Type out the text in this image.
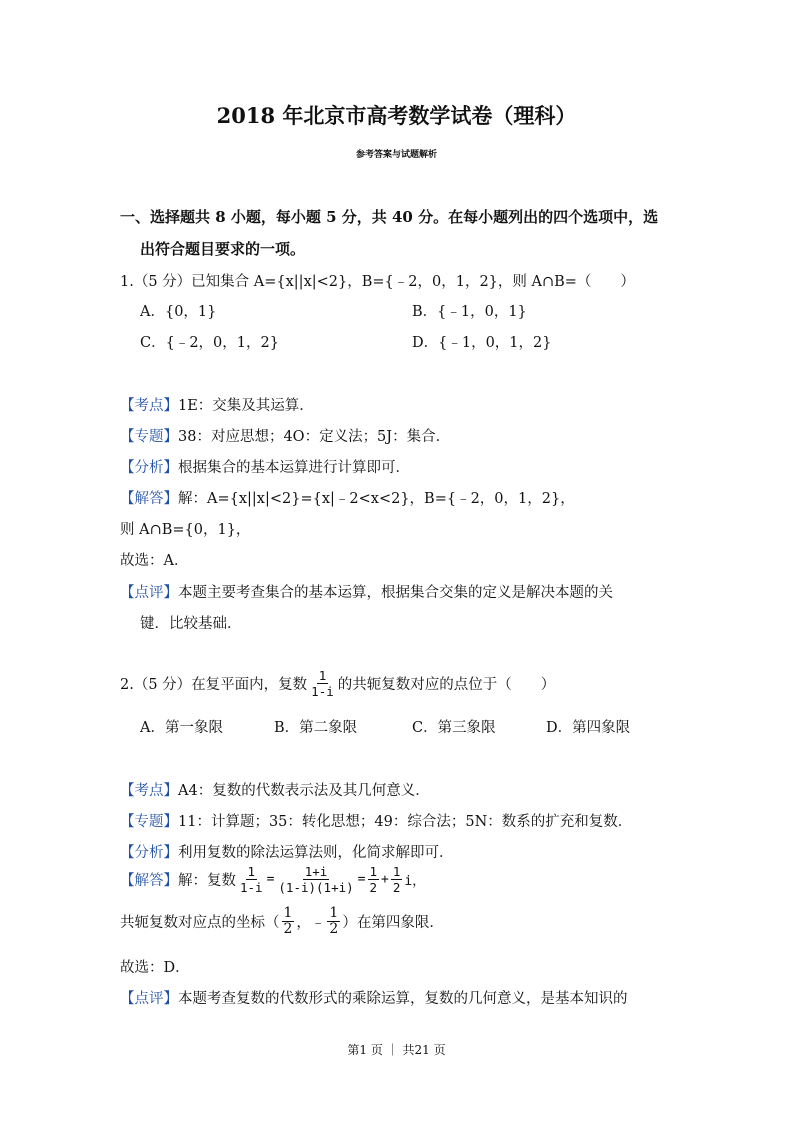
2018 年北京市高考数学试卷（理科）
参考答案与试题解析
一、选择题共 8 小题，每小题 5 分，共 40 分。在每小题列出的四个选项中，选
出符合题目要求的一项。
1.（5 分）已知集合 A={x||x|<2}，B={﹣2，0，1，2}，则 A∩B=（　　）
A．{0，1}	B．{﹣1，0，1}
C．{﹣2，0，1，2}	D．{﹣1，0，1，2}
【考点】1E：交集及其运算．
【专题】38：对应思想；4O：定义法；5J：集合．
【分析】根据集合的基本运算进行计算即可．
【解答】解：A={x||x|<2}={x|﹣2<x<2}，B={﹣2，0，1，2}，
则 A∩B={0，1}，
故选：A．
【点评】本题主要考查集合的基本运算，根据集合交集的定义是解决本题的关
键．比较基础．
2.（5 分）在复平面内，复数 $\frac{1}{1-i}$ 的共轭复数对应的点位于（　　）
A．第一象限	B．第二象限	C．第三象限	D．第四象限
【考点】A4：复数的代数表示法及其几何意义．
【专题】11：计算题；35：转化思想；49：综合法；5N：数系的扩充和复数．
【分析】利用复数的除法运算法则，化简求解即可．
【解答】 解：复数 $\frac{1}{1-i} = \frac{1+i}{(1-i)(1+i)} = \frac{1}{2} + \frac{1}{2}$ i，
共轭复数对应点的坐标（ $\frac{1}{2}$ ，﹣ $\frac{1}{2}$ ）在第四象限．
故选：D．
【点评】本题考查复数的代数形式的乘除运算，复数的几何意义，是基本知识的
第1 页 ｜ 共21 页
